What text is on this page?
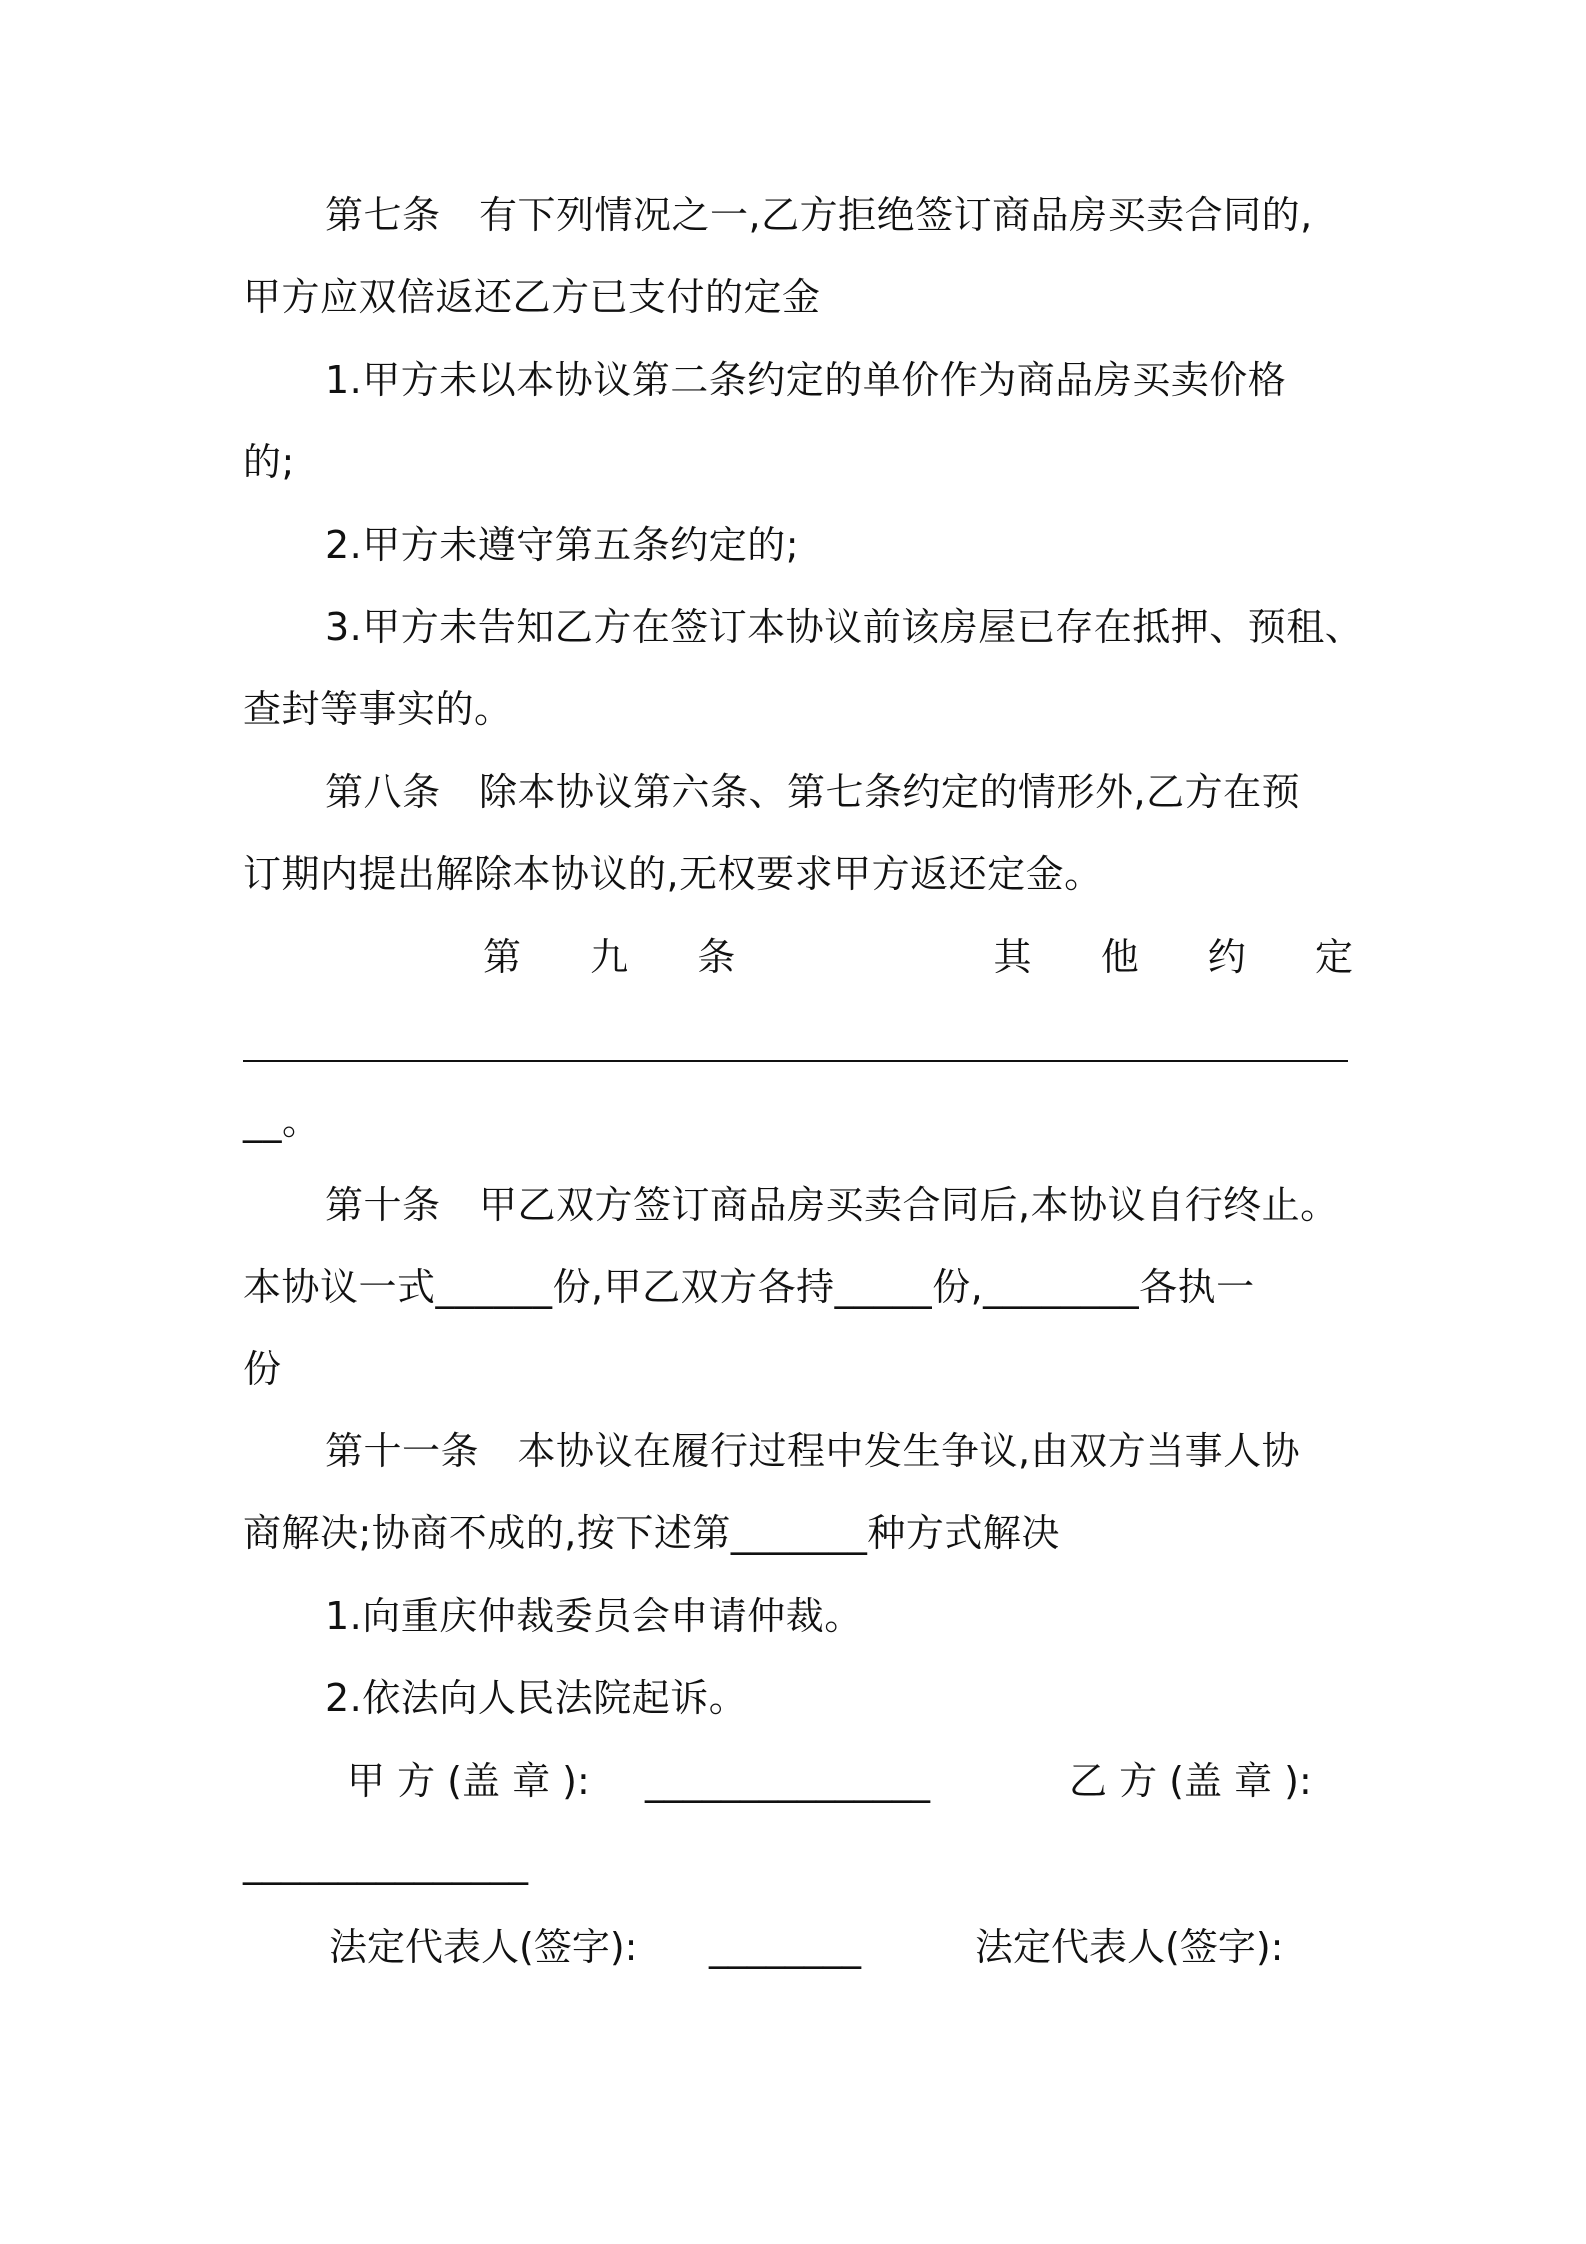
第七条　有下列情况之一,乙方拒绝签订商品房买卖合同的,
甲方应双倍返还乙方已支付的定金
1.甲方未以本协议第二条约定的单价作为商品房买卖价格
的;
2.甲方未遵守第五条约定的;
3.甲方未告知乙方在签订本协议前该房屋已存在抵押、预租、
查封等事实的。
第八条　除本协议第六条、第七条约定的情形外,乙方在预
订期内提出解除本协议的,无权要求甲方返还定金。
第 九 条	其 他 约 定
__。
第十条　甲乙双方签订商品房买卖合同后,本协议自行终止。
本协议一式______份,甲乙双方各持_____份,________各执一
份
第十一条　本协议在履行过程中发生争议,由双方当事人协
商解决;协商不成的,按下述第_______种方式解决
1.向重庆仲裁委员会申请仲裁。
2.依法向人民法院起诉。
甲 方 (盖 章 ): _______________	乙 方 (盖 章 ):
_______________
法定代表人(签字): ________	法定代表人(签字):
